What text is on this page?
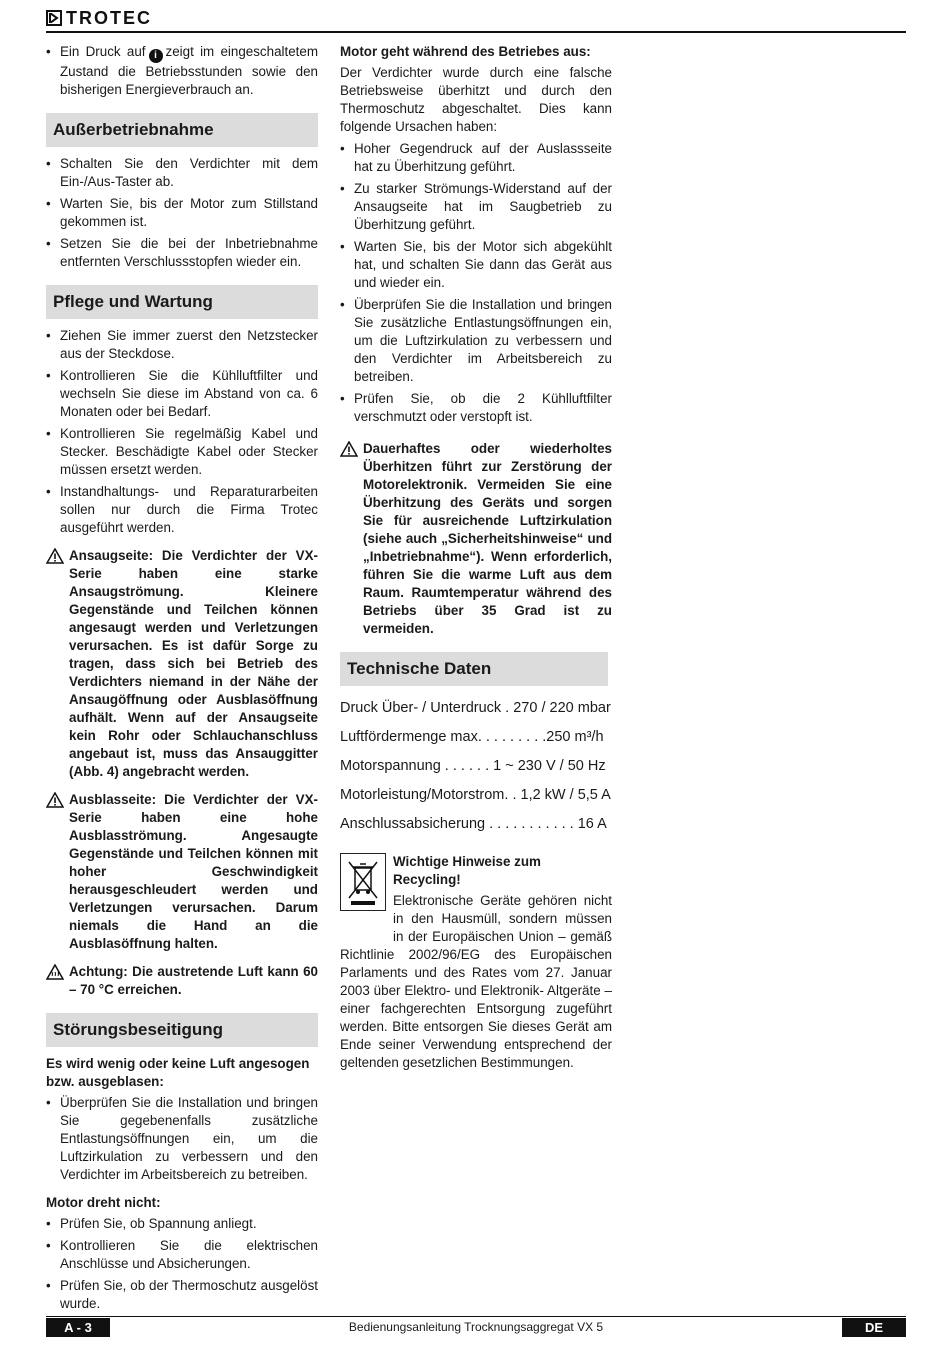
TROTEC
• Ein Druck auf i zeigt im eingeschaltetem Zustand die Betriebsstunden sowie den bisherigen Energieverbrauch an.
Außerbetriebnahme
• Schalten Sie den Verdichter mit dem Ein-/Aus-Taster ab.
• Warten Sie, bis der Motor zum Stillstand gekommen ist.
• Setzen Sie die bei der Inbetriebnahme entfernten Verschlussstopfen wieder ein.
Pflege und Wartung
• Ziehen Sie immer zuerst den Netzstecker aus der Steckdose.
• Kontrollieren Sie die Kühlluftfilter und wechseln Sie diese im Abstand von ca. 6 Monaten oder bei Bedarf.
• Kontrollieren Sie regelmäßig Kabel und Stecker. Beschädigte Kabel oder Stecker müssen ersetzt werden.
• Instandhaltungs- und Reparaturarbeiten sollen nur durch die Firma Trotec ausgeführt werden.
Ansaugseite: Die Verdichter der VX-Serie haben eine starke Ansaugströmung. Kleinere Gegenstände und Teilchen können angesaugt werden und Verletzungen verursachen. Es ist dafür Sorge zu tragen, dass sich bei Betrieb des Verdichters niemand in der Nähe der Ansaugöffnung oder Ausblasöffnung aufhält. Wenn auf der Ansaugseite kein Rohr oder Schlauchanschluss angebaut ist, muss das Ansauggitter (Abb. 4) angebracht werden.
Ausblasseite: Die Verdichter der VX-Serie haben eine hohe Ausblasströmung. Angesaugte Gegenstände und Teilchen können mit hoher Geschwindigkeit herausgeschleudert werden und Verletzungen verursachen. Darum niemals die Hand an die Ausblasöffnung halten.
Achtung: Die austretende Luft kann 60 – 70 °C erreichen.
Störungsbeseitigung

Es wird wenig oder keine Luft angesogen bzw. ausgeblasen:

• Überprüfen Sie die Installation und bringen Sie gegebenenfalls zusätzliche Entlastungsöffnungen ein, um die Luftzirkulation zu verbessern und den Verdichter im Arbeitsbereich zu betreiben.

Motor dreht nicht:

• Prüfen Sie, ob Spannung anliegt.
• Kontrollieren Sie die elektrischen Anschlüsse und Absicherungen.
• Prüfen Sie, ob der Thermoschutz ausgelöst wurde.

Motor geht während des Betriebes aus:

Der Verdichter wurde durch eine falsche Betriebsweise überhitzt und durch den Thermoschutz abgeschaltet. Dies kann folgende Ursachen haben:

• Hoher Gegendruck auf der Auslassseite hat zu Überhitzung geführt.
• Zu starker Strömungs-Widerstand auf der Ansaugseite hat im Saugbetrieb zu Überhitzung geführt.
• Warten Sie, bis der Motor sich abgekühlt hat, und schalten Sie dann das Gerät aus und wieder ein.
• Überprüfen Sie die Installation und bringen Sie zusätzliche Entlastungsöffnungen ein, um die Luftzirkulation zu verbessern und den Verdichter im Arbeitsbereich zu betreiben.
• Prüfen Sie, ob die 2 Kühlluftfilter verschmutzt oder verstopft ist.
Dauerhaftes oder wiederholtes Überhitzen führt zur Zerstörung der Motorelektronik. Vermeiden Sie eine Überhitzung des Geräts und sorgen Sie für ausreichende Luftzirkulation (siehe auch „Sicherheitshinweise“ und „Inbetriebnahme“). Wenn erforderlich, führen Sie die warme Luft aus dem Raum. Raumtemperatur während des Betriebs über 35 Grad ist zu vermeiden.
Technische Daten

Druck Über- / Unterdruck . 270 / 220 mbar

Luftfördermenge max. . . . . . . . .250 m³/h

Motorspannung . . . . . . 1 ~ 230 V / 50 Hz

Motorleistung/Motorstrom. . 1,2 kW / 5,5 A

Anschlussabsicherung . . . . . . . . . . . 16 A

Wichtige Hinweise zum Recycling!

Elektronische Geräte gehören nicht

in den Hausmüll, sondern müssen

in der Europäischen Union – gemäß

Richtlinie 2002/96/EG des Europäischen Parlaments und des Rates vom 27. Januar 2003 über Elektro- und Elektronik- Altgeräte – einer fachgerechten Entsorgung zugeführt werden. Bitte entsorgen Sie dieses Gerät am Ende seiner Verwendung entsprechend der geltenden gesetzlichen Bestimmungen.

A - 3	Bedienungsanleitung Trocknungsaggregat VX 5	DE
